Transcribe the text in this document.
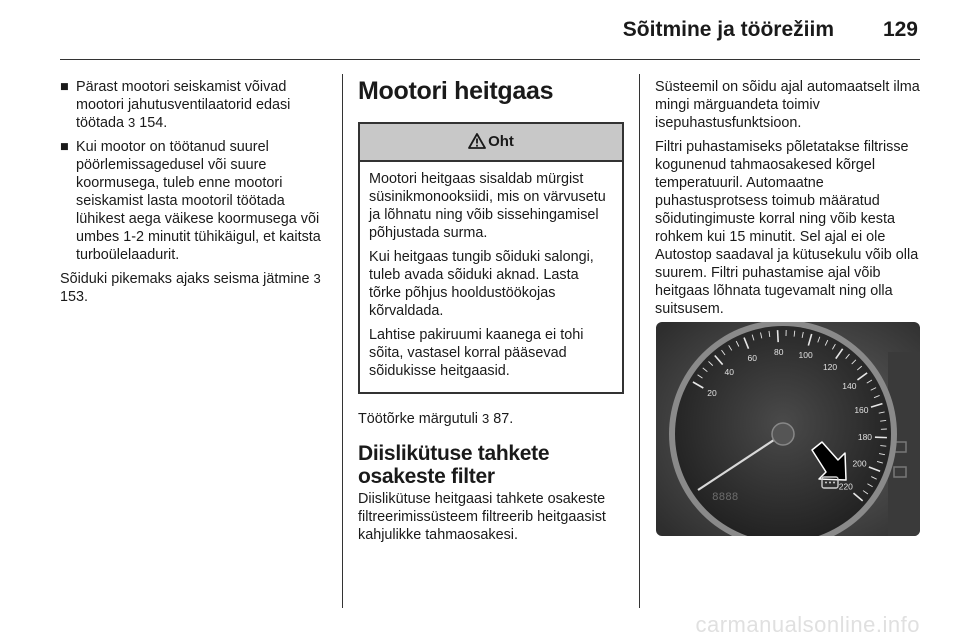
Sõitmine ja töörežiim 129
■ Pärast mootori seiskamist võivad mootori jahutusventilaatorid edasi töötada 3 154.
■ Kui mootor on töötanud suurel pöörlemissagedusel või suure koormusega, tuleb enne mootori seiskamist lasta mootoril töötada lühikest aega väikese koormusega või umbes 1-2 minutit tühikäigul, et kaitsta turboülelaadurit.
Sõiduki pikemaks ajaks seisma jätmine 3 153.
Mootori heitgaas
Oht

Mootori heitgaas sisaldab mürgist süsinikmonooksiidi, mis on värvusetu ja lõhnatu ning võib sissehingamisel põhjustada surma.

Kui heitgaas tungib sõiduki salongi, tuleb avada sõiduki aknad. Lasta tõrke põhjus hooldustöökojas kõrvaldada.

Lahtise pakiruumi kaanega ei tohi sõita, vastasel korral pääsevad sõidukisse heitgaasid.

Töötõrke märgutuli 3 87.
Diislikütuse tahkete osakeste filter

Diislikütuse heitgaasi tahkete osakeste filtreerimissüsteem filtreerib heitgaasist kahjulikke tahmaosakesi.

Süsteemil on sõidu ajal automaatselt ilma mingi märguandeta toimiv isepuhastusfunktsioon.

Filtri puhastamiseks põletatakse filtrisse kogunenud tahmaosakesed kõrgel temperatuuril. Automaatne puhastusprotsess toimub määratud sõidutingimuste korral ning võib kesta rohkem kui 15 minutit. Sel ajal ei ole Autostop saadaval ja kütusekulu võib olla suurem. Filtri puhastamise ajal võib heitgaas lõhnata tugevamalt ning olla suitsusem.

20
40
60
80 100
120
140
160
180
200
220
8888
carmanualsonline.info
